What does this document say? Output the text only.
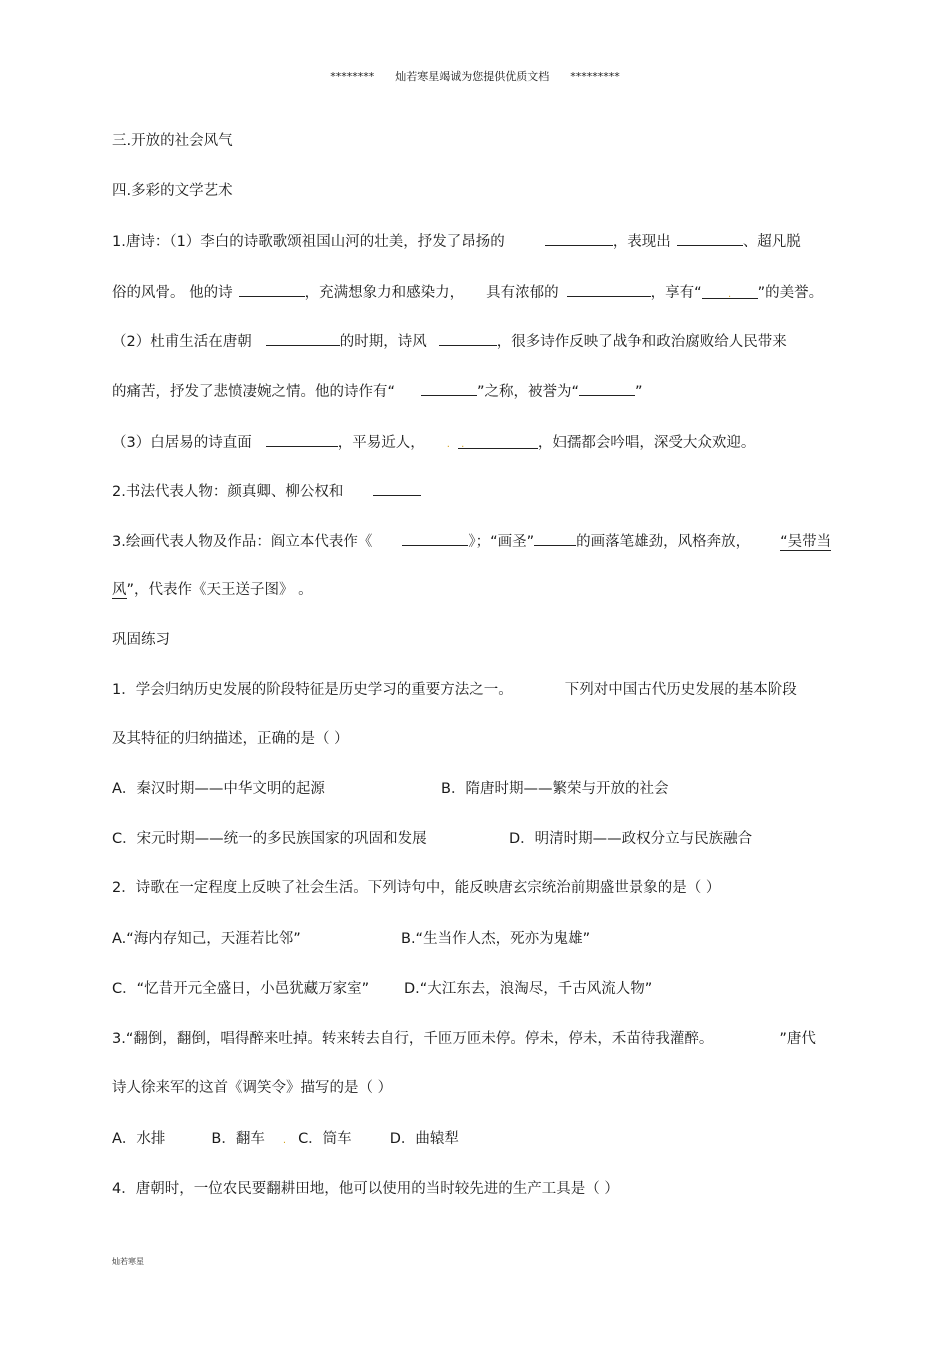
******** 灿若寒星竭诚为您提供优质文档 *********
三.开放的社会风气
四.多彩的文学艺术
1.唐诗：（1）李白的诗歌歌颂祖国山河的壮美，抒发了昂扬的	，表现出	、超凡脱
俗的风骨。 他的诗	，充满想象力和感染力， 具有浓郁的	，享有“	. ”的美誉。
（2）杜甫生活在唐朝	的时期，诗风	，很多诗作反映了战争和政治腐败给人民带来
的痛苦，抒发了悲愤凄婉之情。他的诗作有“	”之称，被誉为“	”
（3）白居易的诗直面	，平易近人， . .	，妇孺都会吟唱，深受大众欢迎。
2.书法代表人物：颜真卿、柳公权和
3.绘画代表人物及作品：阎立本代表作《	》；“画圣”	的画落笔雄劲，风格奔放， “吴带当
风”，代表作《天王送子图》 。
巩固练习
1．学会归纳历史发展的阶段特征是历史学习的重要方法之一。	下列对中国古代历史发展的基本阶段
及其特征的归纳描述，正确的是（ ）
A．秦汉时期——中华文明的起源	B．隋唐时期——繁荣与开放的社会
C．宋元时期——统一的多民族国家的巩固和发展	D．明清时期——政权分立与民族融合
2．诗歌在一定程度上反映了社会生活。下列诗句中，能反映唐玄宗统治前期盛世景象的是（ ）
A.“海内存知己，天涯若比邻”	B.“生当作人杰，死亦为鬼雄”
C．“忆昔开元全盛日，小邑犹藏万家室” D.“大江东去，浪淘尽，千古风流人物”
3.“翻倒，翻倒，唱得醉来吐掉。转来转去自行，千匝万匝未停。停未，停未，禾苗待我灌醉。	”唐代
诗人徐来军的这首《调笑令》描写的是（ ）
A．水排	B．翻车 . C．筒车	D．曲辕犁
4．唐朝时，一位农民要翻耕田地，他可以使用的当时较先进的生产工具是（ ）
灿若寒星
